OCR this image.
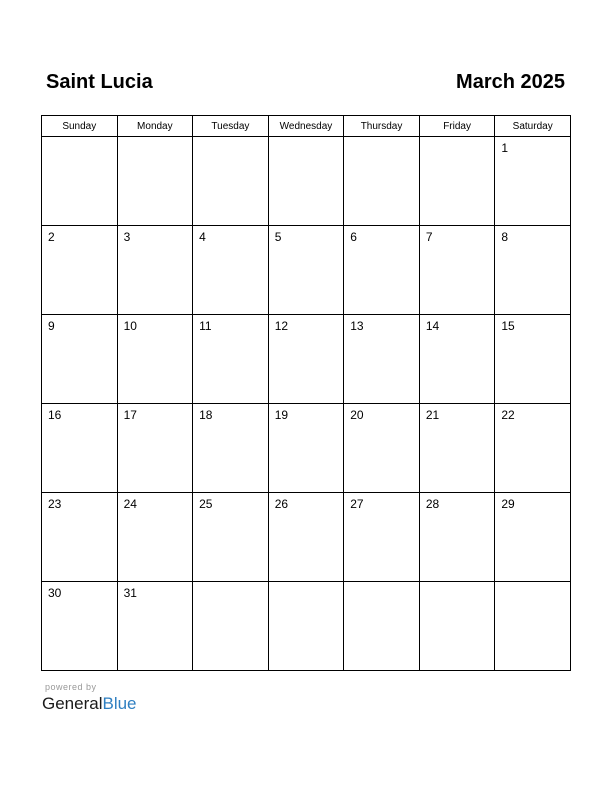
Saint Lucia	March 2025
Sunday	Monday	Tuesday	Wednesday	Thursday	Friday	Saturday

						1

2	3	4	5	6	7	8

9	10	11	12	13	14	15

16	17	18	19	20	21	22

23	24	25	26	27	28	29

30	31					

powered by
GeneralBlue
